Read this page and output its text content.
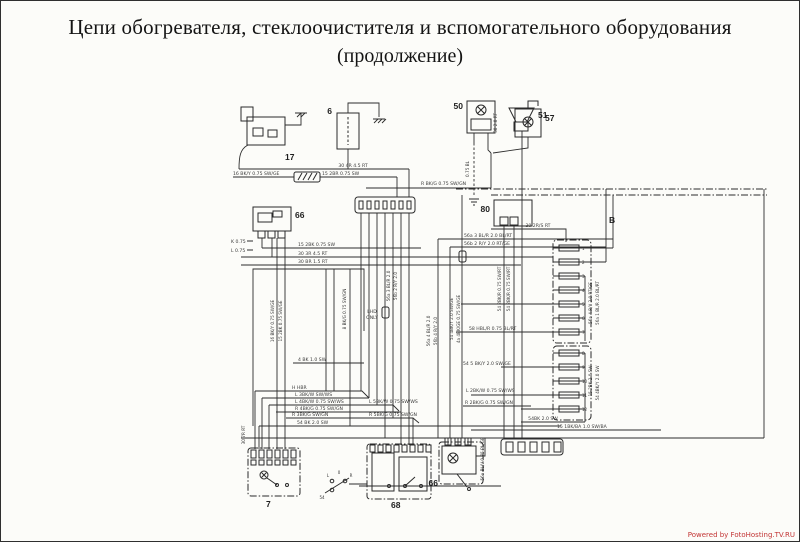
Цепи обогревателя, стеклоочистителя и вспомогательного оборудования
(продолжение)
17
6	51
50
57
66
80
B
7	68
66
1
2
3
4
5
6
7
8
9
10
11
12
30 4R 4.5 RT
16 BK/Y 0.75 SW/GE	15 2BR 0.75 SW
R BK/G 0.75 SW/GN
15 2BK 0.75 SW
30 3R 4.5 RT
30 BR 1.5 RT
30 2R/S RT
56a 3 BL/R 2.0 BL/RT
56b 2 R/Y 2.0 RT/GE
4 BK 1.0 SW
H HBR
L 3BK/W SW/WS
L 4BK/W 0.75 SW/WS	L 5BK/W 0.75 SW/WS
R 3BK/G SW/GN
R 4BK/G 0.75 SW/GN
R 5BK/G 0.75 SW/GN
54 BK 2.0 SW
58 HBL/R 0.75 BL/RT
54 5 BK/Y 2.0 SW/GE
L 2BK/W 0.75 SW/WS
R 2BK/G 0.75 SW/GN
54BK 2.0 SW
15 1BK/BA 1.0 SW/BA
LHD
ONLY
K 0.75
L 0.75
16 BK/Y 0.75 SW/GE 15 2BK 0.75 SW/GE
56a 3 BL/R 2.0 56b 2 R/Y 2.0
56a 4 BL/R 2.0 56b 4 R/Y 2.0	54 4BK/Y 2.0 SW/GE 4a 4BK/GE 0.75 SW/GE
54 2BK/R 0.75 SW/RT 54 2BK/R 0.75 SW/RT	56a 4 R/Y 2.0 RT/GE 56a 1 BL/R 2.0 BL/RT
15 2BK 2.0 SW 54 4BK/Y 2.0 SW
0.75 BL
30 2.0 RT
30 7R RT
56a BL/V 0.75 BL/GE
8 BK/G 0.75 SW/GN
L
0
R
54
Powered by FotoHosting.TV.RU
